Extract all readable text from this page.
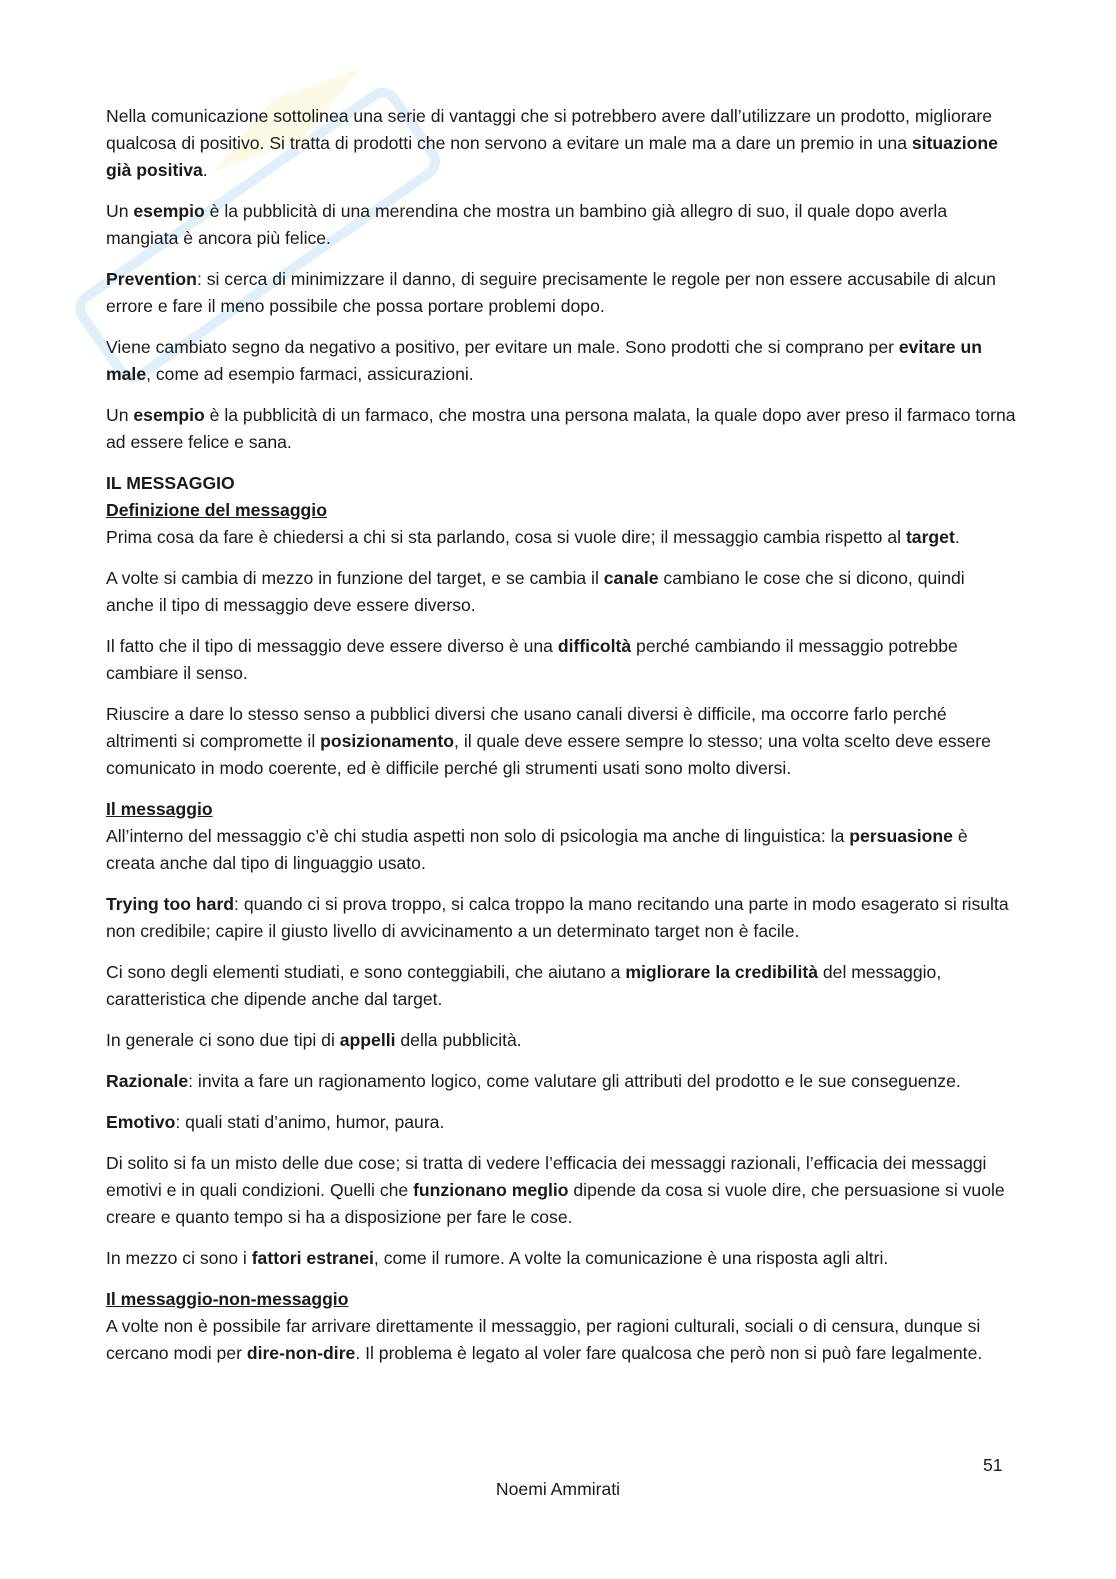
Nella comunicazione sottolinea una serie di vantaggi che si potrebbero avere dall’utilizzare un prodotto, migliorare qualcosa di positivo. Si tratta di prodotti che non servono a evitare un male ma a dare un premio in una situazione già positiva.

Un esempio è la pubblicità di una merendina che mostra un bambino già allegro di suo, il quale dopo averla mangiata è ancora più felice.

Prevention: si cerca di minimizzare il danno, di seguire precisamente le regole per non essere accusabile di alcun errore e fare il meno possibile che possa portare problemi dopo.

Viene cambiato segno da negativo a positivo, per evitare un male. Sono prodotti che si comprano per evitare un male, come ad esempio farmaci, assicurazioni.

Un esempio è la pubblicità di un farmaco, che mostra una persona malata, la quale dopo aver preso il farmaco torna ad essere felice e sana.

IL MESSAGGIO
Definizione del messaggio

Prima cosa da fare è chiedersi a chi si sta parlando, cosa si vuole dire; il messaggio cambia rispetto al target.

A volte si cambia di mezzo in funzione del target, e se cambia il canale cambiano le cose che si dicono, quindi anche il tipo di messaggio deve essere diverso.

Il fatto che il tipo di messaggio deve essere diverso è una difficoltà perché cambiando il messaggio potrebbe cambiare il senso.

Riuscire a dare lo stesso senso a pubblici diversi che usano canali diversi è difficile, ma occorre farlo perché altrimenti si compromette il posizionamento, il quale deve essere sempre lo stesso; una volta scelto deve essere comunicato in modo coerente, ed è difficile perché gli strumenti usati sono molto diversi.

Il messaggio

All’interno del messaggio c’è chi studia aspetti non solo di psicologia ma anche di linguistica: la persuasione è creata anche dal tipo di linguaggio usato.

Trying too hard: quando ci si prova troppo, si calca troppo la mano recitando una parte in modo esagerato si risulta non credibile; capire il giusto livello di avvicinamento a un determinato target non è facile.

Ci sono degli elementi studiati, e sono conteggiabili, che aiutano a migliorare la credibilità del messaggio, caratteristica che dipende anche dal target.

In generale ci sono due tipi di appelli della pubblicità.

Razionale: invita a fare un ragionamento logico, come valutare gli attributi del prodotto e le sue conseguenze.

Emotivo: quali stati d’animo, humor, paura.

Di solito si fa un misto delle due cose; si tratta di vedere l’efficacia dei messaggi razionali, l’efficacia dei messaggi emotivi e in quali condizioni. Quelli che funzionano meglio dipende da cosa si vuole dire, che persuasione si vuole creare e quanto tempo si ha a disposizione per fare le cose.

In mezzo ci sono i fattori estranei, come il rumore. A volte la comunicazione è una risposta agli altri.

Il messaggio-non-messaggio

A volte non è possibile far arrivare direttamente il messaggio, per ragioni culturali, sociali o di censura, dunque si cercano modi per dire-non-dire. Il problema è legato al voler fare qualcosa che però non si può fare legalmente.

51
Noemi Ammirati
